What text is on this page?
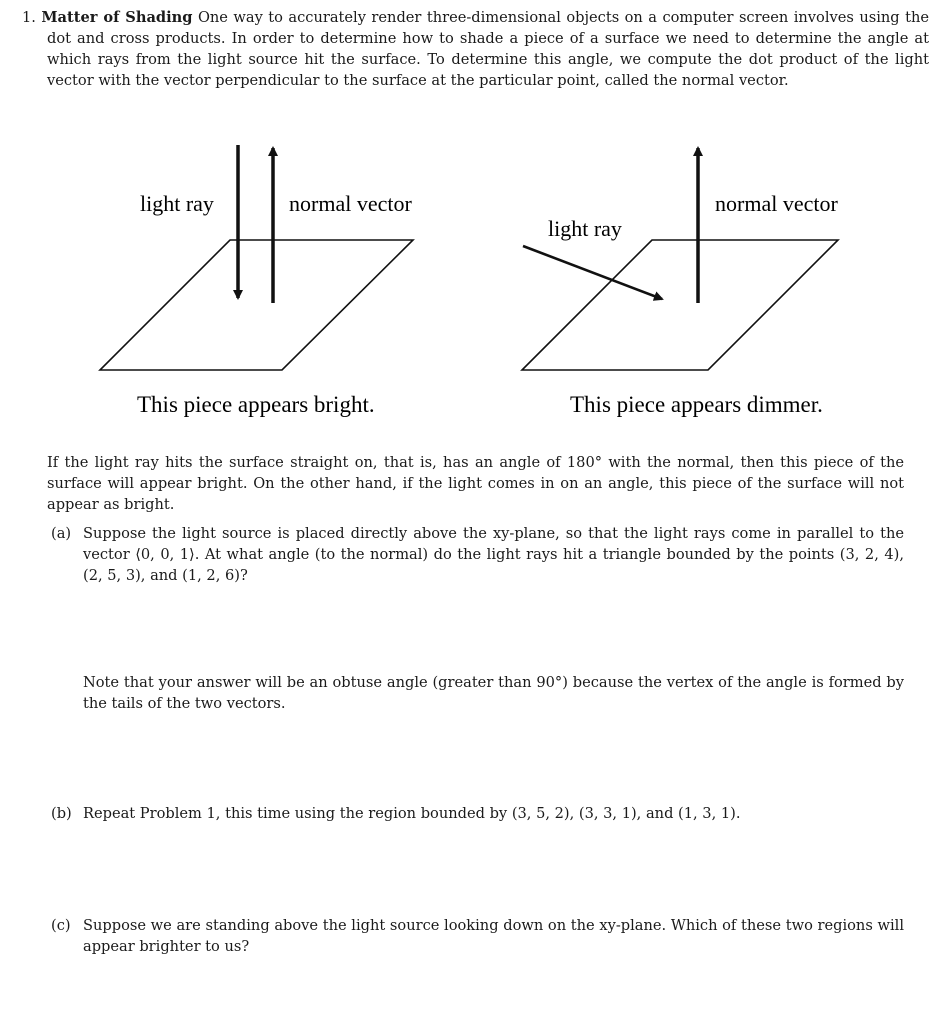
1. Matter of Shading One way to accurately render three-dimensional objects on a computer screen involves using the dot and cross products. In order to determine how to shade a piece of a surface we need to determine the angle at which rays from the light source hit the surface. To determine this angle, we compute the dot product of the light vector with the vector perpendicular to the surface at the particular point, called the normal vector.

light ray	normal vector
This piece appears bright.
light ray
normal vector
This piece appears dimmer.

If the light ray hits the surface straight on, that is, has an angle of 180° with the normal, then this piece of the surface will appear bright. On the other hand, if the light comes in on an angle, this piece of the surface will not appear as bright.

(a) Suppose the light source is placed directly above the xy-plane, so that the light rays come in parallel to the vector ⟨0, 0, 1⟩. At what angle (to the normal) do the light rays hit a triangle bounded by the points (3, 2, 4), (2, 5, 3), and (1, 2, 6)?

Note that your answer will be an obtuse angle (greater than 90°) because the vertex of the angle is formed by the tails of the two vectors.

(b) Repeat Problem 1, this time using the region bounded by (3, 5, 2), (3, 3, 1), and (1, 3, 1).

(c) Suppose we are standing above the light source looking down on the xy-plane. Which of these two regions will appear brighter to us?
